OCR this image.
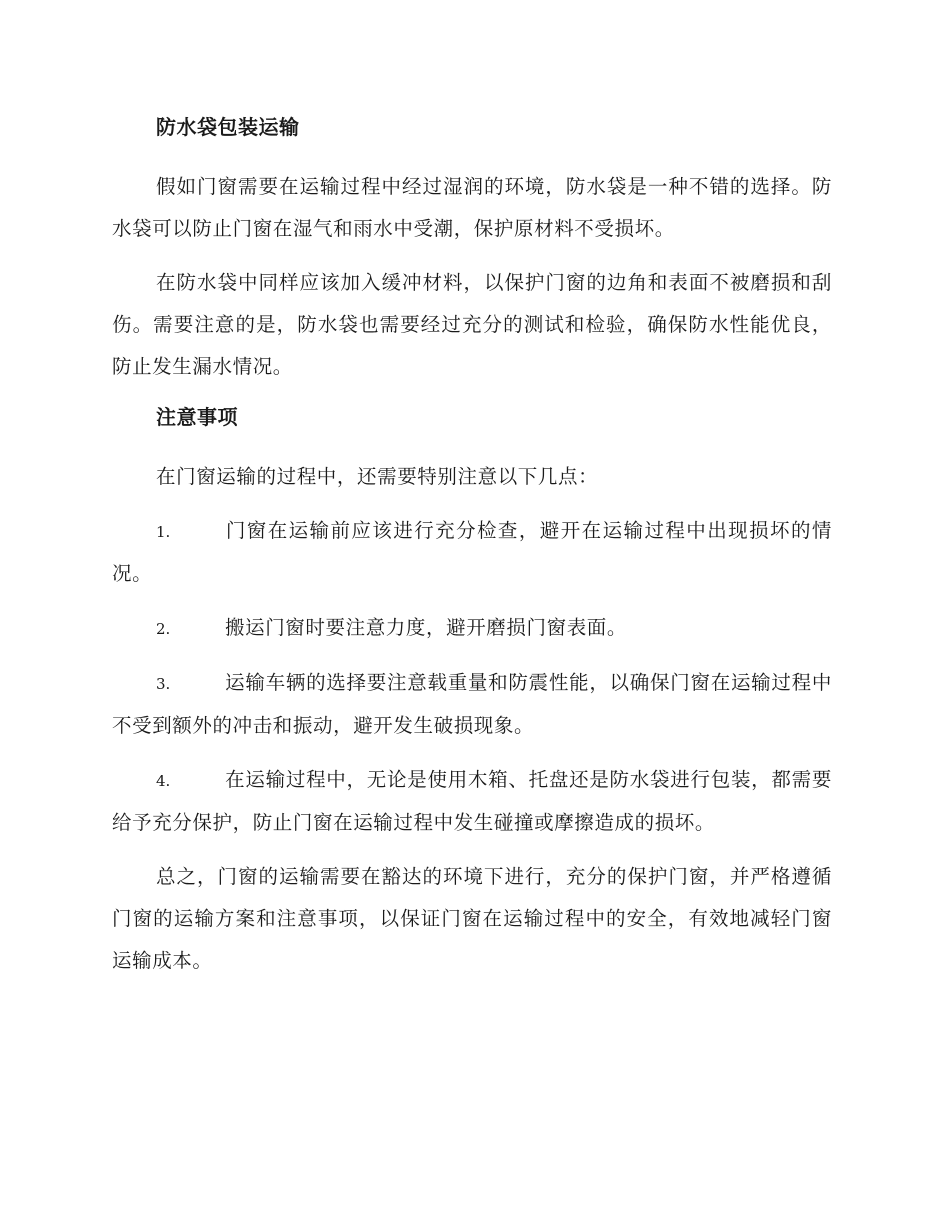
防水袋包装运输

假如门窗需要在运输过程中经过湿润的环境，防水袋是一种不错的选择。防水袋可以防止门窗在湿气和雨水中受潮，保护原材料不受损坏。

在防水袋中同样应该加入缓冲材料，以保护门窗的边角和表面不被磨损和刮伤。需要注意的是，防水袋也需要经过充分的测试和检验，确保防水性能优良，防止发生漏水情况。

注意事项

在门窗运输的过程中，还需要特别注意以下几点：

1.	门窗在运输前应该进行充分检查，避开在运输过程中出现损坏的情况。

2.	搬运门窗时要注意力度，避开磨损门窗表面。

3.	运输车辆的选择要注意载重量和防震性能，以确保门窗在运输过程中不受到额外的冲击和振动，避开发生破损现象。

4.	在运输过程中，无论是使用木箱、托盘还是防水袋进行包装，都需要给予充分保护，防止门窗在运输过程中发生碰撞或摩擦造成的损坏。

总之，门窗的运输需要在豁达的环境下进行，充分的保护门窗，并严格遵循门窗的运输方案和注意事项，以保证门窗在运输过程中的安全，有效地减轻门窗运输成本。
